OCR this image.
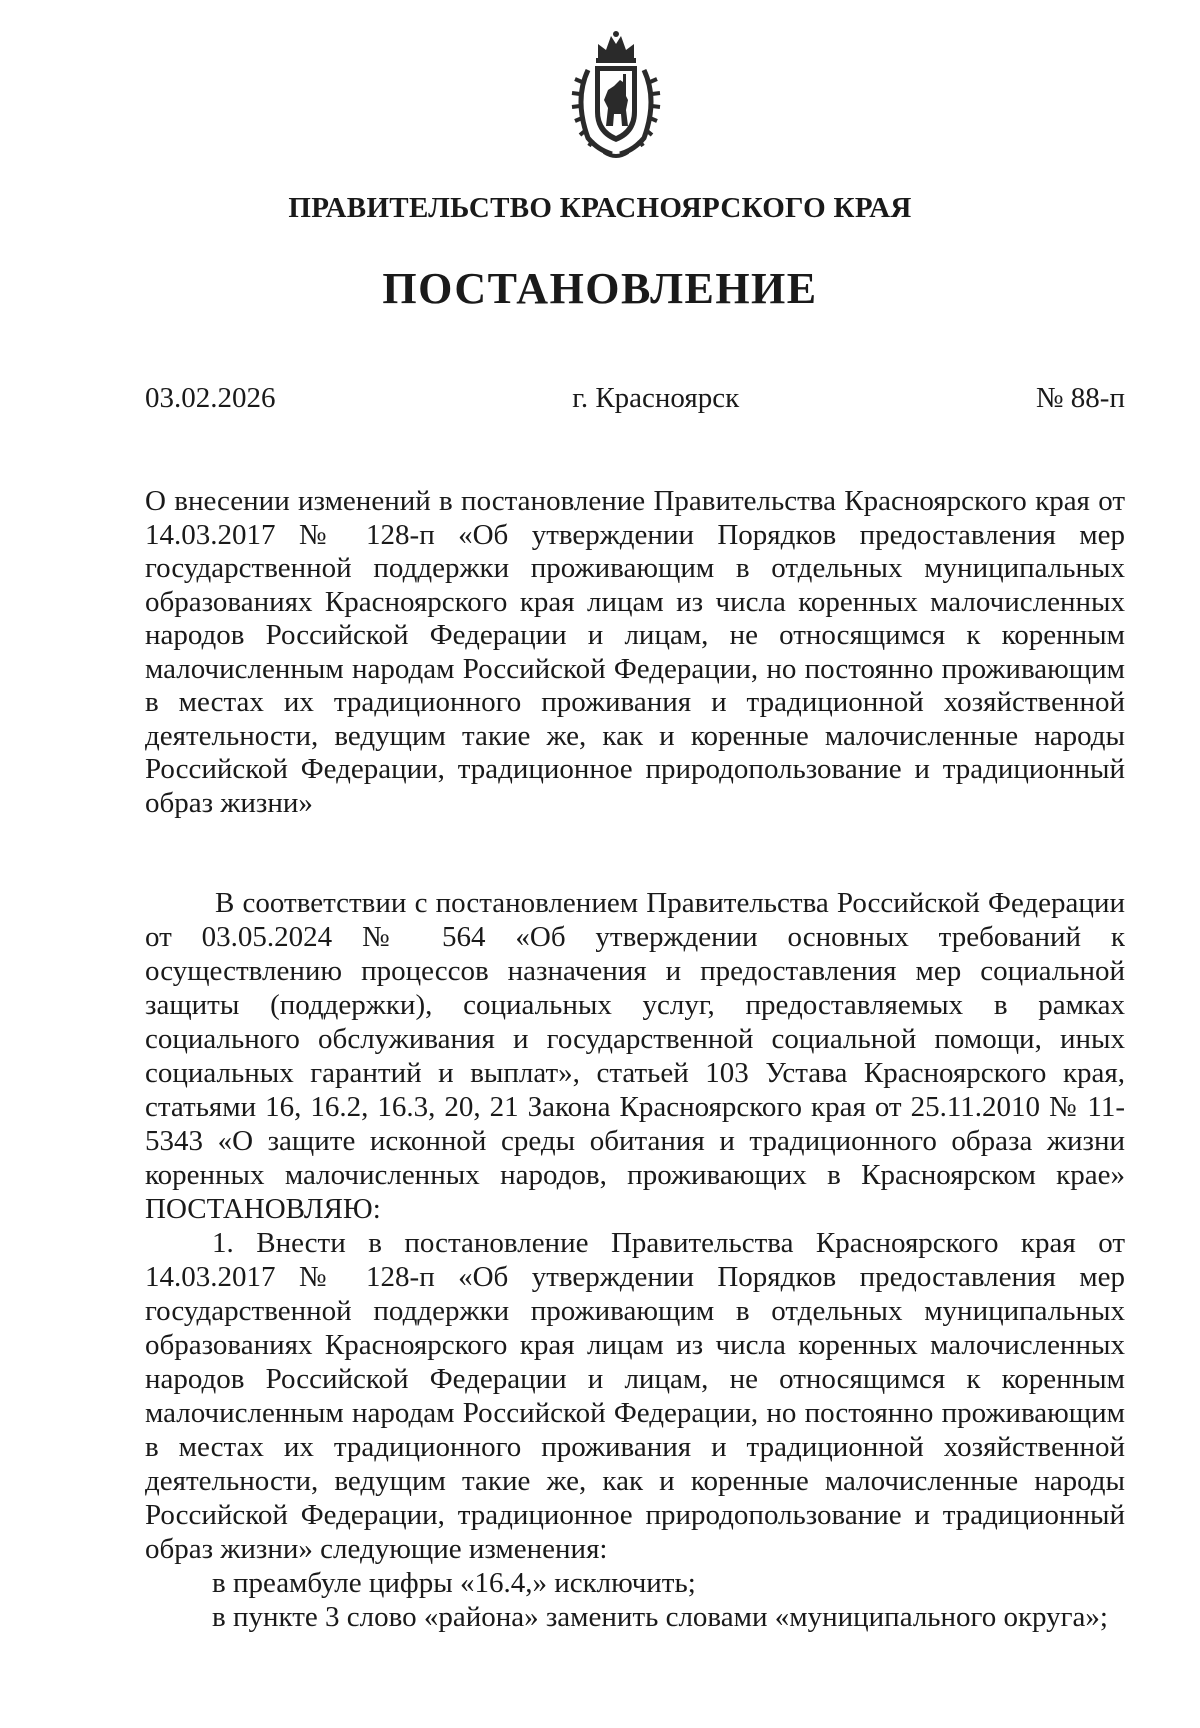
ПРАВИТЕЛЬСТВО КРАСНОЯРСКОГО КРАЯ
ПОСТАНОВЛЕНИЕ
03.02.2026	г. Красноярск	№ 88-п
О внесении изменений в постановление Правительства Красноярского края от 14.03.2017 № 128-п «Об утверждении Порядков предоставления мер государственной поддержки проживающим в отдельных муниципальных образованиях Красноярского края лицам из числа коренных малочисленных народов Российской Федерации и лицам, не относящимся к коренным малочисленным народам Российской Федерации, но постоянно проживающим в местах их традиционного проживания и традиционной хозяйственной деятельности, ведущим такие же, как и коренные малочисленные народы Российской Федерации, традиционное природопользование и традиционный образ жизни»

В соответствии с постановлением Правительства Российской Федерации от 03.05.2024 № 564 «Об утверждении основных требований к осуществлению процессов назначения и предоставления мер социальной защиты (поддержки), социальных услуг, предоставляемых в рамках социального обслуживания и государственной социальной помощи, иных социальных гарантий и выплат», статьей 103 Устава Красноярского края, статьями 16, 16.2, 16.3, 20, 21 Закона Красноярского края от 25.11.2010 № 11-5343 «О защите исконной среды обитания и традиционного образа жизни коренных малочисленных народов, проживающих в Красноярском крае» ПОСТАНОВЛЯЮ:

1. Внести в постановление Правительства Красноярского края от 14.03.2017 № 128-п «Об утверждении Порядков предоставления мер государственной поддержки проживающим в отдельных муниципальных образованиях Красноярского края лицам из числа коренных малочисленных народов Российской Федерации и лицам, не относящимся к коренным малочисленным народам Российской Федерации, но постоянно проживающим в местах их традиционного проживания и традиционной хозяйственной деятельности, ведущим такие же, как и коренные малочисленные народы Российской Федерации, традиционное природопользование и традиционный образ жизни» следующие изменения:

в преамбуле цифры «16.4,» исключить;

в пункте 3 слово «района» заменить словами «муниципального округа»;
